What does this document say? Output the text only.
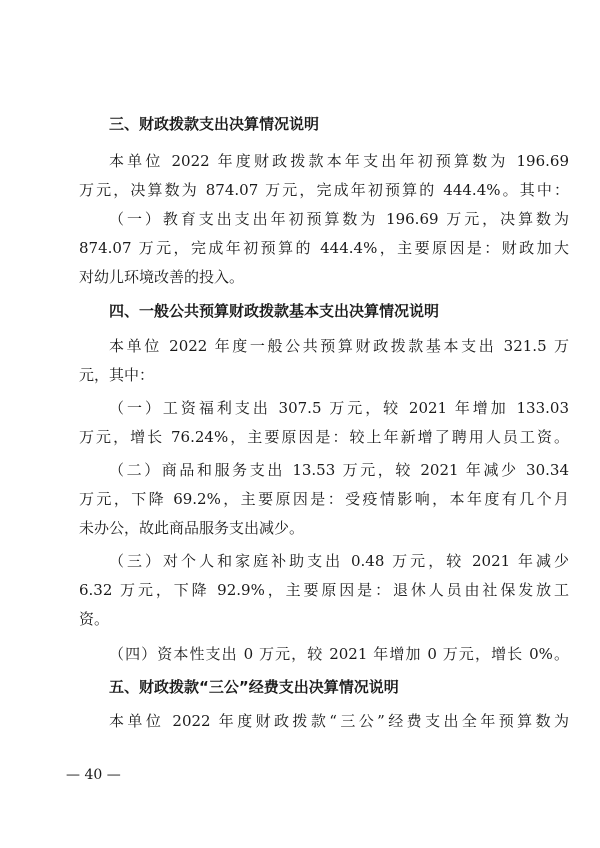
三、财政拨款支出决算情况说明
本单位 2022 年度财政拨款本年支出年初预算数为 196.69
万元，决算数为 874.07 万元，完成年初预算的 444.4%。其中：
（一）教育支出支出年初预算数为 196.69 万元，决算数为
874.07 万元，完成年初预算的 444.4%，主要原因是：财政加大
对幼儿环境改善的投入。
四、一般公共预算财政拨款基本支出决算情况说明
本单位 2022 年度一般公共预算财政拨款基本支出 321.5 万
元，其中：
（一）工资福利支出 307.5 万元，较 2021 年增加 133.03
万元，增长 76.24%，主要原因是：较上年新增了聘用人员工资。
（二）商品和服务支出 13.53 万元，较 2021 年减少 30.34
万元，下降 69.2%，主要原因是：受疫情影响，本年度有几个月
未办公，故此商品服务支出减少。
（三）对个人和家庭补助支出 0.48 万元，较 2021 年减少
6.32 万元，下降 92.9%，主要原因是：退休人员由社保发放工
资。
（四）资本性支出 0 万元，较 2021 年增加 0 万元，增长 0%。
五、财政拨款“三公”经费支出决算情况说明
本单位 2022 年度财政拨款“三公”经费支出全年预算数为
— 40 —
